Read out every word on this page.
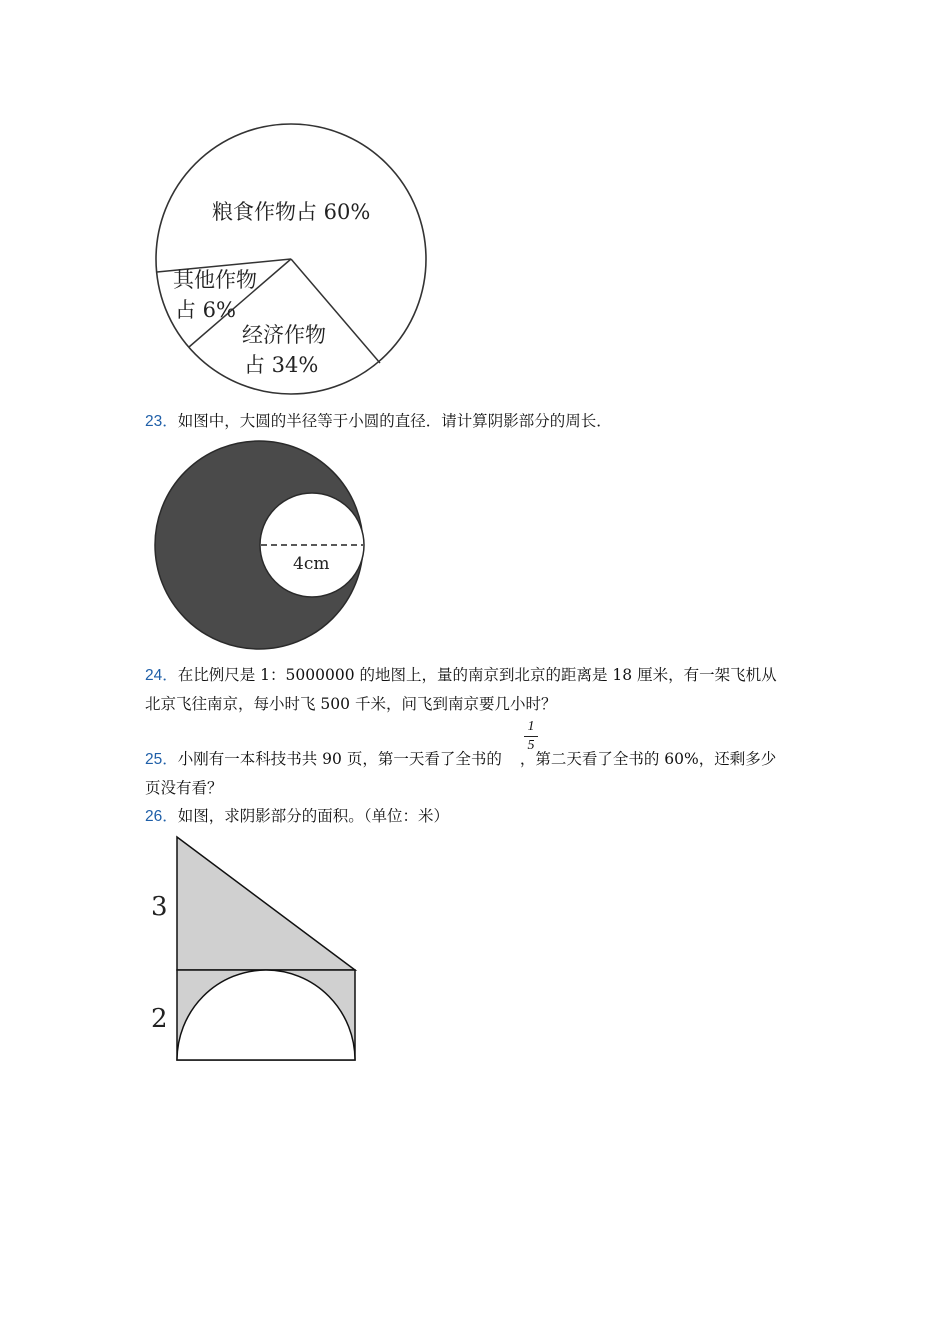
粮食作物占 60%
其他作物
占 6%
经济作物
占 34%
23．如图中，大圆的半径等于小圆的直径．请计算阴影部分的周长．
4cm
24．在比例尺是 1：5000000 的地图上，量的南京到北京的距离是 18 厘米，有一架飞机从
北京飞往南京，每小时飞 500 千米，问飞到南京要几小时？
25．小刚有一本科技书共 90 页，第一天看了全书的 ，第二天看了全书的 60%，还剩多少
1
5
页没有看？
26．如图，求阴影部分的面积。（单位：米）
3
2
